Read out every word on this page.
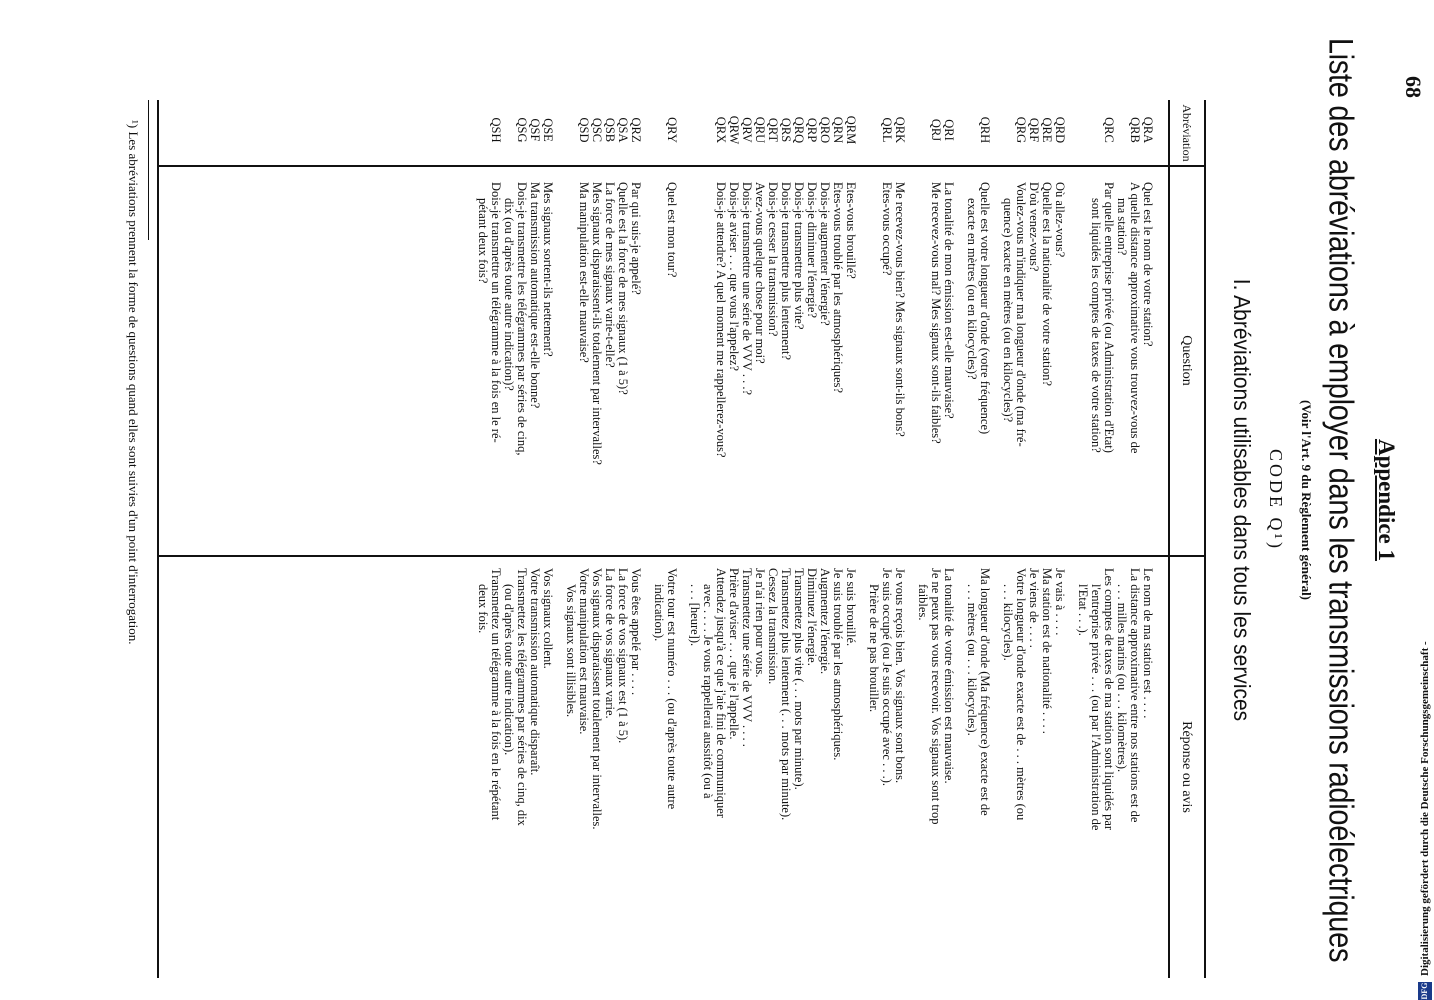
68
Appendice 1
Liste des abréviations à employer dans les transmissions radioélectriques
(Voir l'Art. 9 du Règlement général)
CODE Q¹)
I. Abréviations utilisables dans tous les services
Abréviation
Question
Réponse ou avis
QRA
QRB
QRC
QRD
QRE
QRF
QRG
QRH
QRI
QRJ
QRK
QRL
QRM
QRN
QRO
QRP
QRQ
QRS
QRT
QRU
QRV
QRW
QRX
QRY
QRZ
QSA
QSB
QSC
QSD
QSE
QSF
QSG
QSH
Quel est le nom de votre station?
A quelle distance approximative vous trouvez-vous de
ma station?
Par quelle entreprise privée (ou Administration d'Etat)
sont liquidés les comptes de taxes de votre station?
Où allez-vous?
Quelle est la nationalité de votre station?
D'où venez-vous?
Voulez-vous m'indiquer ma longueur d'onde (ma fré-
quence) exacte en mètres (ou en kilocycles)?
Quelle est votre longueur d'onde (votre fréquence)
exacte en mètres (ou en kilocycles)?
La tonalité de mon émission est-elle mauvaise?
Me recevez-vous mal? Mes signaux sont-ils faibles?
Me recevez-vous bien? Mes signaux sont-ils bons?
Etes-vous occupé?
Etes-vous brouillé?
Etes-vous troublé par les atmosphériques?
Dois-je augmenter l'énergie?
Dois-je diminuer l'énergie?
Dois-je transmettre plus vite?
Dois-je transmettre plus lentement?
Dois-je cesser la transmission?
Avez-vous quelque chose pour moi?
Dois-je transmettre une série de VVV . . .?
Dois-je aviser . . . que vous l'appelez?
Dois-je attendre? A quel moment me rappellerez-vous?
Quel est mon tour?
Par qui suis-je appelé?
Quelle est la force de mes signaux (1 à 5)?
La force de mes signaux varie-t-elle?
Mes signaux disparaissent-ils totalement par intervalles?
Ma manipulation est-elle mauvaise?
Mes signaux sortent-ils nettement?
Ma transmission automatique est-elle bonne?
Dois-je transmettre les télégrammes par séries de cinq,
dix (ou d'après toute autre indication)?
Dois-je transmettre un télégramme à la fois en le ré-
pétant deux fois?
Le nom de ma station est . . . .
La distance approximative entre nos stations est de
. . . milles marins (ou . . . kilomètres).
Les comptes de taxes de ma station sont liquidés par
l'entreprise privée . . . (ou par l'Administration de
l'Etat . . .).
Je vais à . . . .
Ma station est de nationalité . . . .
Je viens de . . . .
Votre longueur d'onde exacte est de . . . mètres (ou
. . . kilocycles).
Ma longueur d'onde (Ma fréquence) exacte est de
. . . mètres (ou . . . kilocycles).
La tonalité de votre émission est mauvaise.
Je ne peux pas vous recevoir. Vos signaux sont trop
faibles.
Je vous reçois bien. Vos signaux sont bons.
Je suis occupé (ou Je suis occupé avec . . .).
Prière de ne pas brouiller.
Je suis brouillé.
Je suis troublé par les atmosphériques.
Augmentez l'énergie.
Diminuez l'énergie.
Transmettez plus vite (. . . mots par minute).
Transmettez plus lentement (. . . mots par minute).
Cessez la transmission.
Je n'ai rien pour vous.
Transmettez une série de VVV . . . .
Prière d'aviser . . . que je l'appelle.
Attendez jusqu'à ce que j'aie fini de communiquer
avec . . . . Je vous rappellerai aussitôt (ou à
. . . [heure]).
Votre tour est numéro . . . (ou d'après toute autre
indication).
Vous êtes appelé par . . . .
La force de vos signaux est (1 à 5).
La force de vos signaux varie.
Vos signaux disparaissent totalement par intervalles.
Votre manipulation est mauvaise.
Vos signaux sont illisibles.
Vos signaux collent.
Votre transmission automatique disparaît.
Transmettez les télégrammes par séries de cinq, dix
(ou d'après toute autre indication).
Transmettez un télégramme à la fois en le répétant
deux fois.
¹) Les abréviations prennent la forme de questions quand elles sont suivies d'un point d'interrogation.
DFG
Digitalisierung gefördert durch die Deutsche Forschungsgemeinschaft -
